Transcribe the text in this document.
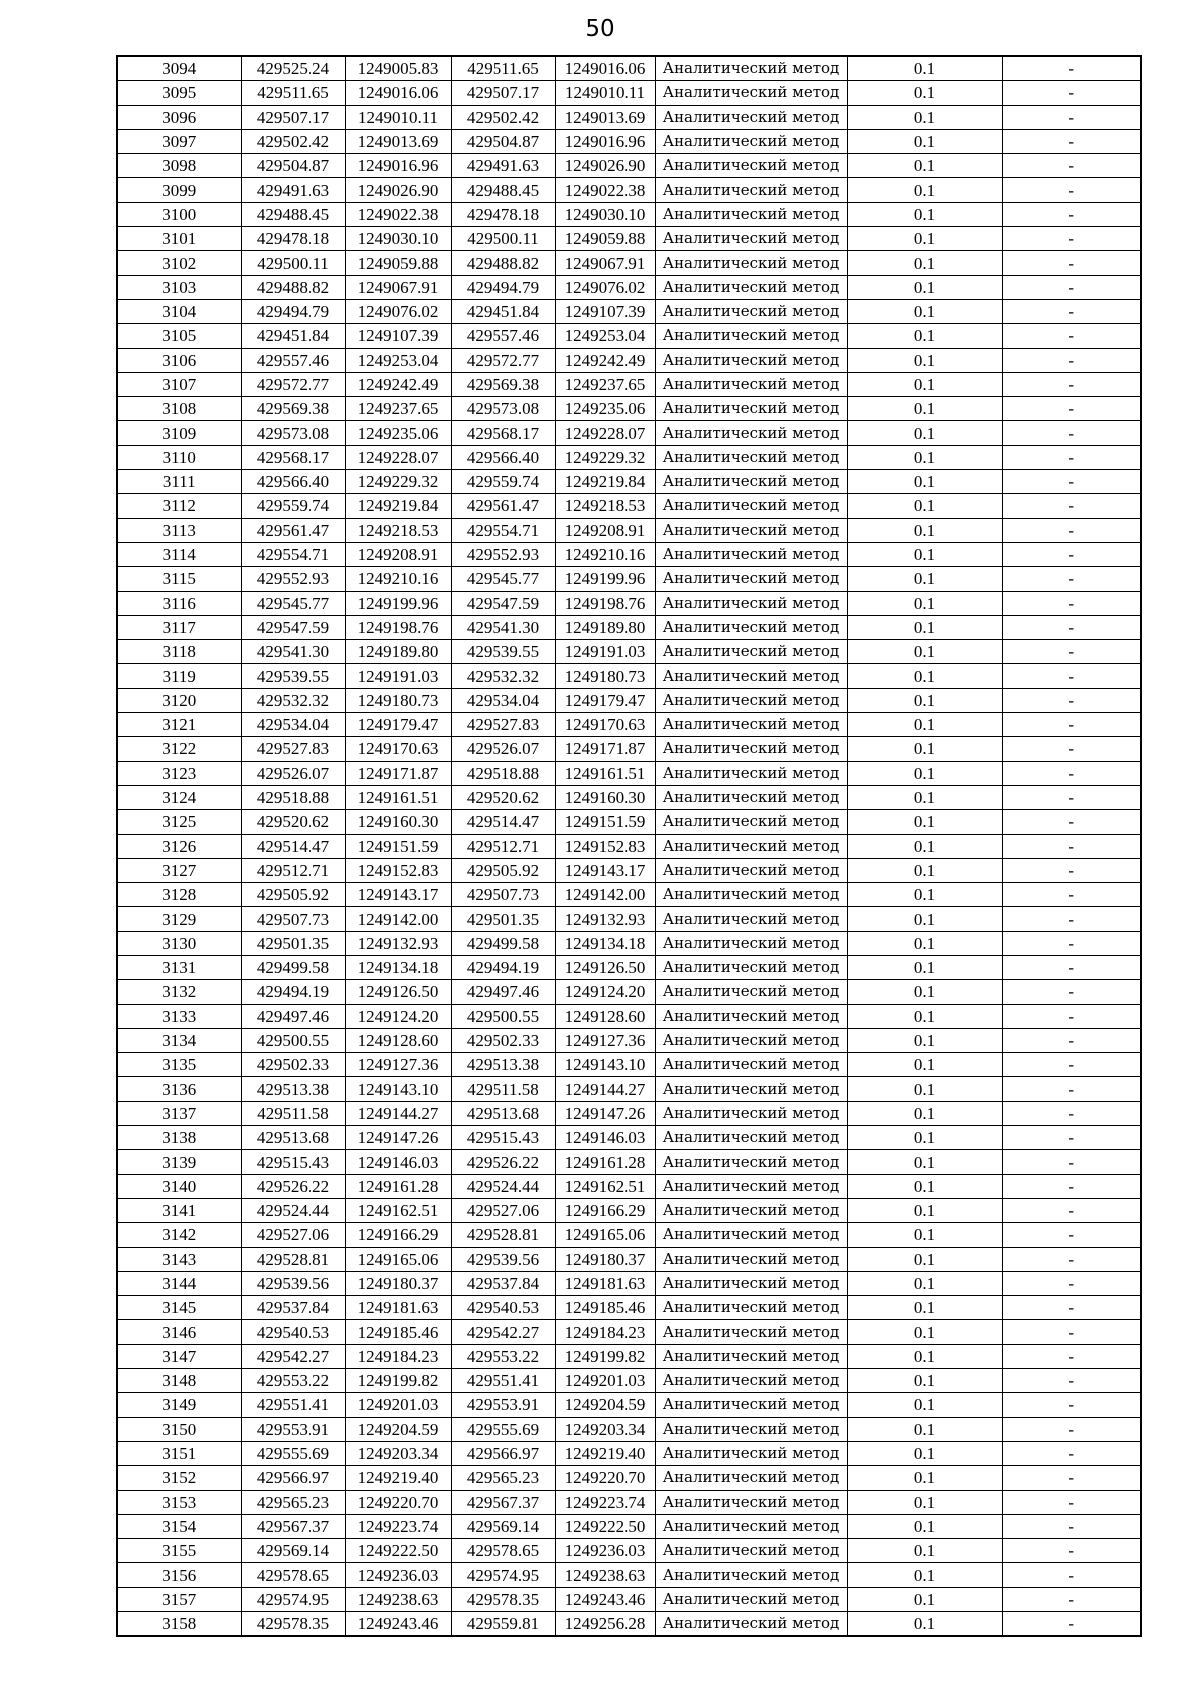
50
3094	429525.24	1249005.83	429511.65	1249016.06	Аналитический метод	0.1	-
3095	429511.65	1249016.06	429507.17	1249010.11	Аналитический метод	0.1	-
3096	429507.17	1249010.11	429502.42	1249013.69	Аналитический метод	0.1	-
3097	429502.42	1249013.69	429504.87	1249016.96	Аналитический метод	0.1	-
3098	429504.87	1249016.96	429491.63	1249026.90	Аналитический метод	0.1	-
3099	429491.63	1249026.90	429488.45	1249022.38	Аналитический метод	0.1	-
3100	429488.45	1249022.38	429478.18	1249030.10	Аналитический метод	0.1	-
3101	429478.18	1249030.10	429500.11	1249059.88	Аналитический метод	0.1	-
3102	429500.11	1249059.88	429488.82	1249067.91	Аналитический метод	0.1	-
3103	429488.82	1249067.91	429494.79	1249076.02	Аналитический метод	0.1	-
3104	429494.79	1249076.02	429451.84	1249107.39	Аналитический метод	0.1	-
3105	429451.84	1249107.39	429557.46	1249253.04	Аналитический метод	0.1	-
3106	429557.46	1249253.04	429572.77	1249242.49	Аналитический метод	0.1	-
3107	429572.77	1249242.49	429569.38	1249237.65	Аналитический метод	0.1	-
3108	429569.38	1249237.65	429573.08	1249235.06	Аналитический метод	0.1	-
3109	429573.08	1249235.06	429568.17	1249228.07	Аналитический метод	0.1	-
3110	429568.17	1249228.07	429566.40	1249229.32	Аналитический метод	0.1	-
3111	429566.40	1249229.32	429559.74	1249219.84	Аналитический метод	0.1	-
3112	429559.74	1249219.84	429561.47	1249218.53	Аналитический метод	0.1	-
3113	429561.47	1249218.53	429554.71	1249208.91	Аналитический метод	0.1	-
3114	429554.71	1249208.91	429552.93	1249210.16	Аналитический метод	0.1	-
3115	429552.93	1249210.16	429545.77	1249199.96	Аналитический метод	0.1	-
3116	429545.77	1249199.96	429547.59	1249198.76	Аналитический метод	0.1	-
3117	429547.59	1249198.76	429541.30	1249189.80	Аналитический метод	0.1	-
3118	429541.30	1249189.80	429539.55	1249191.03	Аналитический метод	0.1	-
3119	429539.55	1249191.03	429532.32	1249180.73	Аналитический метод	0.1	-
3120	429532.32	1249180.73	429534.04	1249179.47	Аналитический метод	0.1	-
3121	429534.04	1249179.47	429527.83	1249170.63	Аналитический метод	0.1	-
3122	429527.83	1249170.63	429526.07	1249171.87	Аналитический метод	0.1	-
3123	429526.07	1249171.87	429518.88	1249161.51	Аналитический метод	0.1	-
3124	429518.88	1249161.51	429520.62	1249160.30	Аналитический метод	0.1	-
3125	429520.62	1249160.30	429514.47	1249151.59	Аналитический метод	0.1	-
3126	429514.47	1249151.59	429512.71	1249152.83	Аналитический метод	0.1	-
3127	429512.71	1249152.83	429505.92	1249143.17	Аналитический метод	0.1	-
3128	429505.92	1249143.17	429507.73	1249142.00	Аналитический метод	0.1	-
3129	429507.73	1249142.00	429501.35	1249132.93	Аналитический метод	0.1	-
3130	429501.35	1249132.93	429499.58	1249134.18	Аналитический метод	0.1	-
3131	429499.58	1249134.18	429494.19	1249126.50	Аналитический метод	0.1	-
3132	429494.19	1249126.50	429497.46	1249124.20	Аналитический метод	0.1	-
3133	429497.46	1249124.20	429500.55	1249128.60	Аналитический метод	0.1	-
3134	429500.55	1249128.60	429502.33	1249127.36	Аналитический метод	0.1	-
3135	429502.33	1249127.36	429513.38	1249143.10	Аналитический метод	0.1	-
3136	429513.38	1249143.10	429511.58	1249144.27	Аналитический метод	0.1	-
3137	429511.58	1249144.27	429513.68	1249147.26	Аналитический метод	0.1	-
3138	429513.68	1249147.26	429515.43	1249146.03	Аналитический метод	0.1	-
3139	429515.43	1249146.03	429526.22	1249161.28	Аналитический метод	0.1	-
3140	429526.22	1249161.28	429524.44	1249162.51	Аналитический метод	0.1	-
3141	429524.44	1249162.51	429527.06	1249166.29	Аналитический метод	0.1	-
3142	429527.06	1249166.29	429528.81	1249165.06	Аналитический метод	0.1	-
3143	429528.81	1249165.06	429539.56	1249180.37	Аналитический метод	0.1	-
3144	429539.56	1249180.37	429537.84	1249181.63	Аналитический метод	0.1	-
3145	429537.84	1249181.63	429540.53	1249185.46	Аналитический метод	0.1	-
3146	429540.53	1249185.46	429542.27	1249184.23	Аналитический метод	0.1	-
3147	429542.27	1249184.23	429553.22	1249199.82	Аналитический метод	0.1	-
3148	429553.22	1249199.82	429551.41	1249201.03	Аналитический метод	0.1	-
3149	429551.41	1249201.03	429553.91	1249204.59	Аналитический метод	0.1	-
3150	429553.91	1249204.59	429555.69	1249203.34	Аналитический метод	0.1	-
3151	429555.69	1249203.34	429566.97	1249219.40	Аналитический метод	0.1	-
3152	429566.97	1249219.40	429565.23	1249220.70	Аналитический метод	0.1	-
3153	429565.23	1249220.70	429567.37	1249223.74	Аналитический метод	0.1	-
3154	429567.37	1249223.74	429569.14	1249222.50	Аналитический метод	0.1	-
3155	429569.14	1249222.50	429578.65	1249236.03	Аналитический метод	0.1	-
3156	429578.65	1249236.03	429574.95	1249238.63	Аналитический метод	0.1	-
3157	429574.95	1249238.63	429578.35	1249243.46	Аналитический метод	0.1	-
3158	429578.35	1249243.46	429559.81	1249256.28	Аналитический метод	0.1	-
